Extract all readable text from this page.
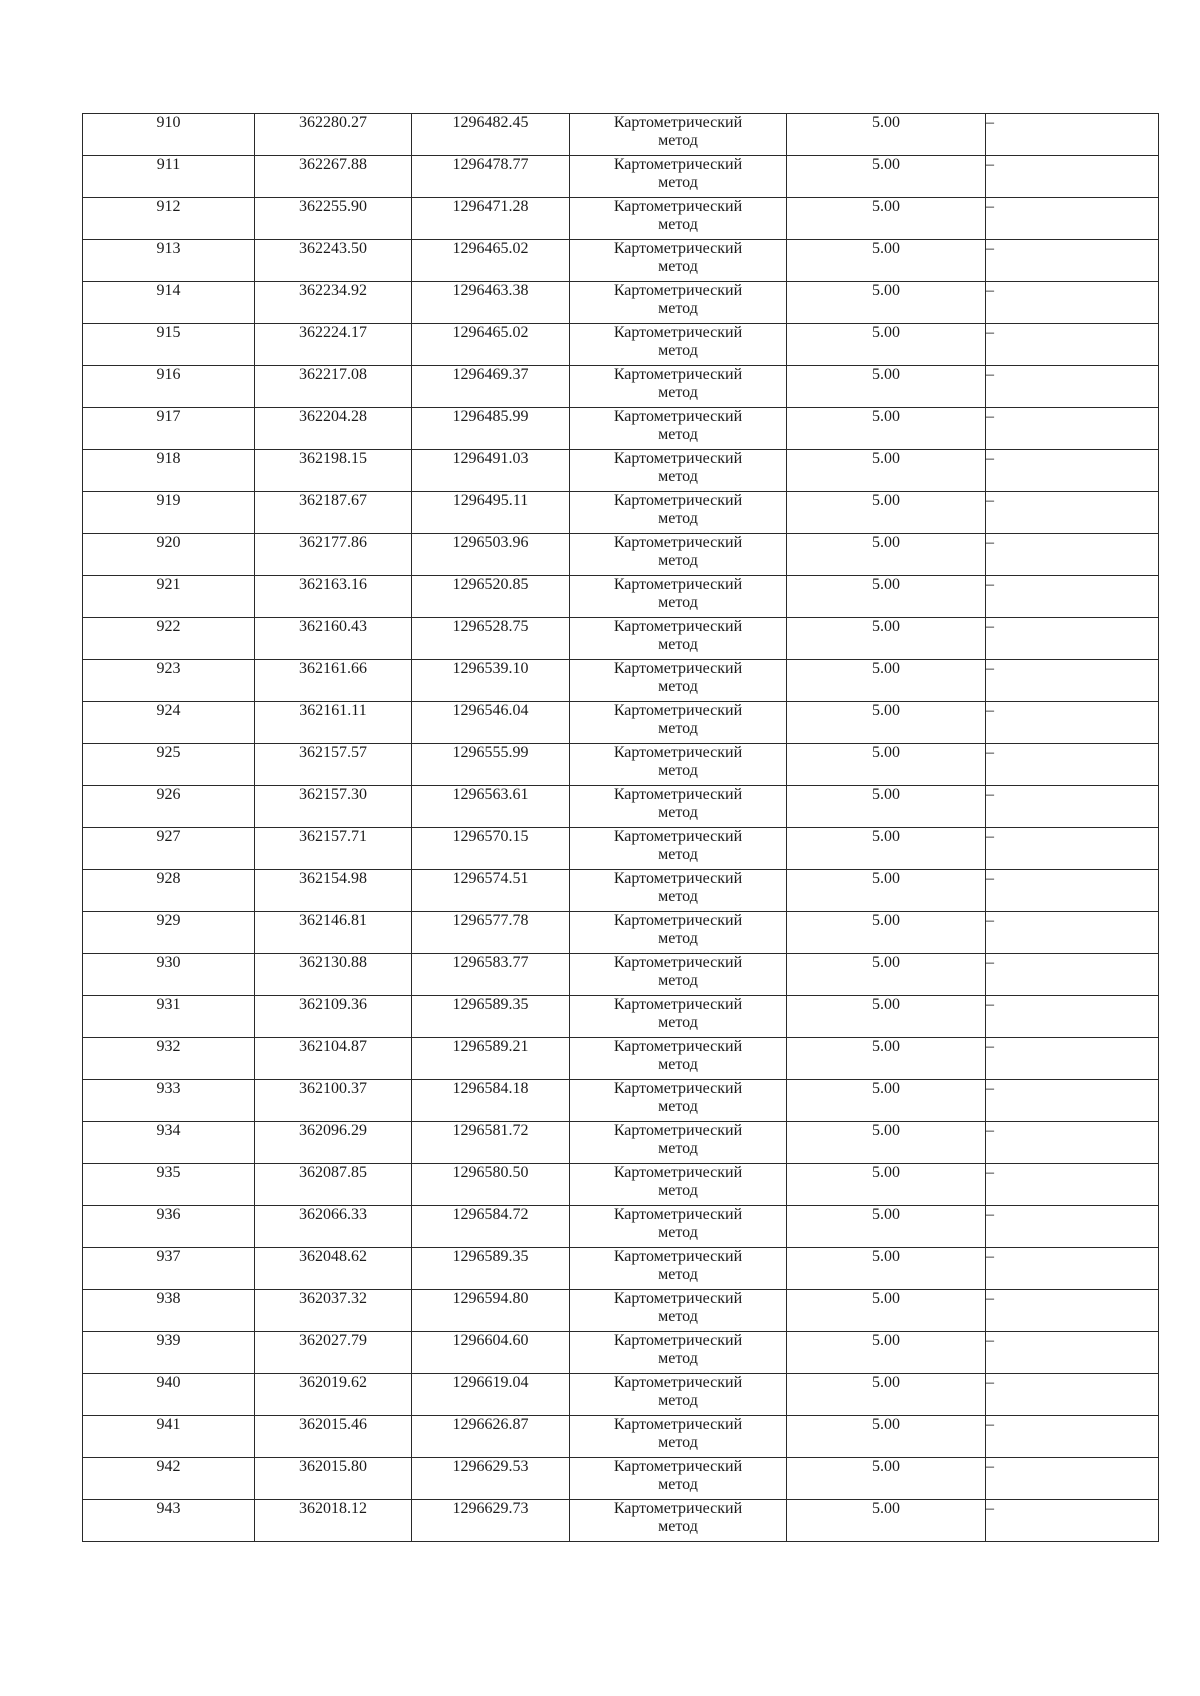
910	362280.27	1296482.45	Картометрический
метод	5.00	–
911	362267.88	1296478.77	Картометрический
метод	5.00	–
912	362255.90	1296471.28	Картометрический
метод	5.00	–
913	362243.50	1296465.02	Картометрический
метод	5.00	–
914	362234.92	1296463.38	Картометрический
метод	5.00	–
915	362224.17	1296465.02	Картометрический
метод	5.00	–
916	362217.08	1296469.37	Картометрический
метод	5.00	–
917	362204.28	1296485.99	Картометрический
метод	5.00	–
918	362198.15	1296491.03	Картометрический
метод	5.00	–
919	362187.67	1296495.11	Картометрический
метод	5.00	–
920	362177.86	1296503.96	Картометрический
метод	5.00	–
921	362163.16	1296520.85	Картометрический
метод	5.00	–
922	362160.43	1296528.75	Картометрический
метод	5.00	–
923	362161.66	1296539.10	Картометрический
метод	5.00	–
924	362161.11	1296546.04	Картометрический
метод	5.00	–
925	362157.57	1296555.99	Картометрический
метод	5.00	–
926	362157.30	1296563.61	Картометрический
метод	5.00	–
927	362157.71	1296570.15	Картометрический
метод	5.00	–
928	362154.98	1296574.51	Картометрический
метод	5.00	–
929	362146.81	1296577.78	Картометрический
метод	5.00	–
930	362130.88	1296583.77	Картометрический
метод	5.00	–
931	362109.36	1296589.35	Картометрический
метод	5.00	–
932	362104.87	1296589.21	Картометрический
метод	5.00	–
933	362100.37	1296584.18	Картометрический
метод	5.00	–
934	362096.29	1296581.72	Картометрический
метод	5.00	–
935	362087.85	1296580.50	Картометрический
метод	5.00	–
936	362066.33	1296584.72	Картометрический
метод	5.00	–
937	362048.62	1296589.35	Картометрический
метод	5.00	–
938	362037.32	1296594.80	Картометрический
метод	5.00	–
939	362027.79	1296604.60	Картометрический
метод	5.00	–
940	362019.62	1296619.04	Картометрический
метод	5.00	–
941	362015.46	1296626.87	Картометрический
метод	5.00	–
942	362015.80	1296629.53	Картометрический
метод	5.00	–
943	362018.12	1296629.73	Картометрический
метод	5.00	–
